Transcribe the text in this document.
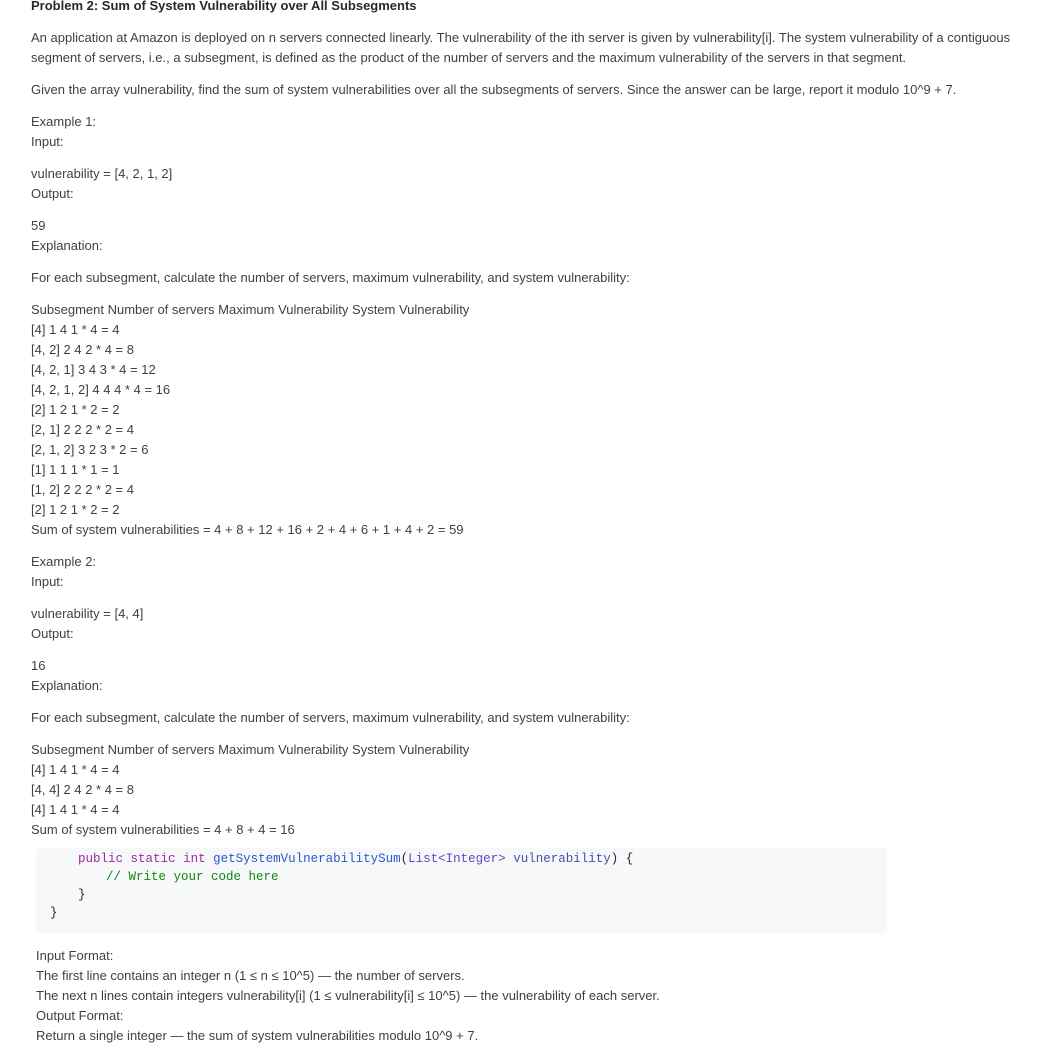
Problem 2: Sum of System Vulnerability over All Subsegments

An application at Amazon is deployed on n servers connected linearly. The vulnerability of the ith server is given by vulnerability[i]. The system vulnerability of a contiguous

segment of servers, i.e., a subsegment, is defined as the product of the number of servers and the maximum vulnerability of the servers in that segment.

Given the array vulnerability, find the sum of system vulnerabilities over all the subsegments of servers. Since the answer can be large, report it modulo 10^9 + 7.

Example 1:

Input:

vulnerability = [4, 2, 1, 2]

Output:

59

Explanation:

For each subsegment, calculate the number of servers, maximum vulnerability, and system vulnerability:

Subsegment Number of servers Maximum Vulnerability System Vulnerability

[4] 1 4 1 * 4 = 4

[4, 2] 2 4 2 * 4 = 8

[4, 2, 1] 3 4 3 * 4 = 12

[4, 2, 1, 2] 4 4 4 * 4 = 16

[2] 1 2 1 * 2 = 2

[2, 1] 2 2 2 * 2 = 4

[2, 1, 2] 3 2 3 * 2 = 6

[1] 1 1 1 * 1 = 1

[1, 2] 2 2 2 * 2 = 4

[2] 1 2 1 * 2 = 2

Sum of system vulnerabilities = 4 + 8 + 12 + 16 + 2 + 4 + 6 + 1 + 4 + 2 = 59

Example 2:

Input:

vulnerability = [4, 4]

Output:

16

Explanation:

For each subsegment, calculate the number of servers, maximum vulnerability, and system vulnerability:

Subsegment Number of servers Maximum Vulnerability System Vulnerability

[4] 1 4 1 * 4 = 4

[4, 4] 2 4 2 * 4 = 8

[4] 1 4 1 * 4 = 4

Sum of system vulnerabilities = 4 + 8 + 4 = 16

public static int getSystemVulnerabilitySum(List<Integer> vulnerability) {
// Write your code here
}
}

Input Format:

The first line contains an integer n (1 ≤ n ≤ 10^5) — the number of servers.

The next n lines contain integers vulnerability[i] (1 ≤ vulnerability[i] ≤ 10^5) — the vulnerability of each server.

Output Format:

Return a single integer — the sum of system vulnerabilities modulo 10^9 + 7.
